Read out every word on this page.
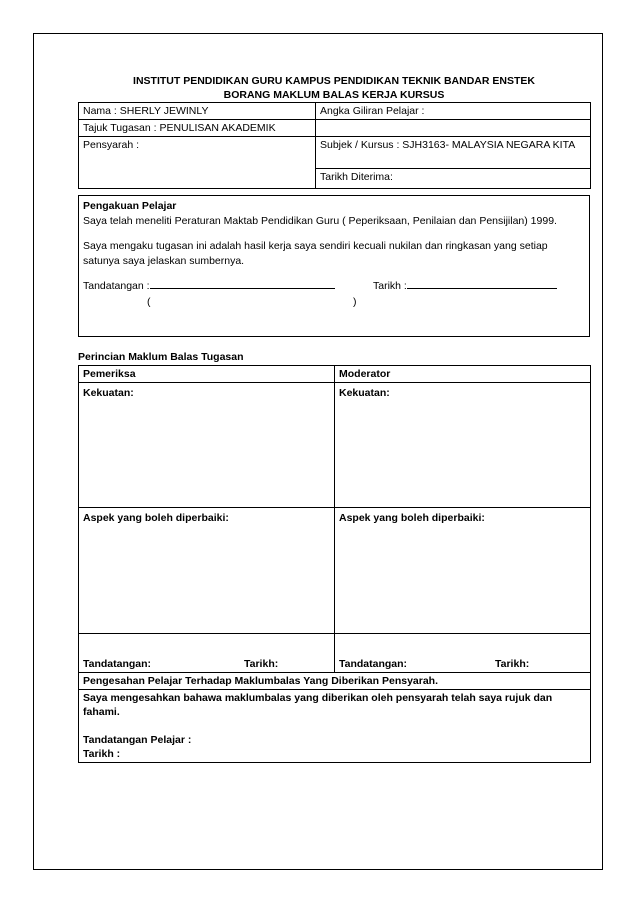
INSTITUT PENDIDIKAN GURU KAMPUS PENDIDIKAN TEKNIK BANDAR ENSTEK
BORANG MAKLUM BALAS KERJA KURSUS
Nama : SHERLY JEWINLY	Angka Giliran Pelajar :
Tajuk Tugasan : PENULISAN AKADEMIK	
Pensyarah :	Subjek / Kursus : SJH3163- MALAYSIA NEGARA KITA
	Tarikh Diterima:

Pengakuan Pelajar

Saya telah meneliti Peraturan Maktab Pendidikan Guru ( Peperiksaan, Penilaian dan Pensijilan) 1999.

Saya mengaku tugasan ini adalah hasil kerja saya sendiri kecuali nukilan dan ringkasan yang setiap satunya saya jelaskan sumbernya.

Tandatangan :	Tarikh :
(	)
Perincian Maklum Balas Tugasan
Pemeriksa	Moderator
Kekuatan:	Kekuatan:
Aspek yang boleh diperbaiki:	Aspek yang boleh diperbaiki:
Tandatangan: Tarikh:	Tandatangan: Tarikh:

Pengesahan Pelajar Terhadap Maklumbalas Yang Diberikan Pensyarah.	

Saya mengesahkan bahawa maklumbalas yang diberikan oleh pensyarah telah saya rujuk dan fahami.
Tandatangan Pelajar :
Tarikh :	
